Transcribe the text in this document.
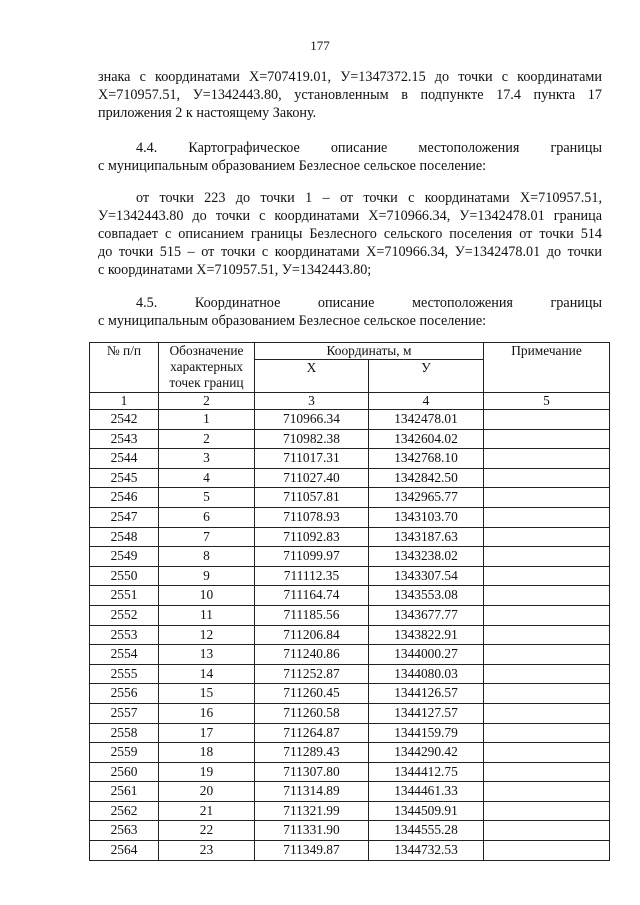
177
знака с координатами Х=707419.01, У=1347372.15 до точки с координатами
Х=710957.51, У=1342443.80, установленным в подпункте 17.4 пункта 17
приложения 2 к настоящему Закону.
4.4. Картографическое описание местоположения границы
с муниципальным образованием Безлесное сельское поселение:
от точки 223 до точки 1 – от точки с координатами Х=710957.51,
У=1342443.80 до точки с координатами Х=710966.34, У=1342478.01 граница
совпадает с описанием границы Безлесного сельского поселения от точки 514
до точки 515 – от точки с координатами Х=710966.34, У=1342478.01 до точки
с координатами Х=710957.51, У=1342443.80;
4.5. Координатное описание местоположения границы
с муниципальным образованием Безлесное сельское поселение:
№ п/п	Обозначение характерных точек границ	Координаты, м		Примечание
		Х	У	
1	2	3	4	5
2542	1	710966.34	1342478.01	
2543	2	710982.38	1342604.02	
2544	3	711017.31	1342768.10	
2545	4	711027.40	1342842.50	
2546	5	711057.81	1342965.77	
2547	6	711078.93	1343103.70	
2548	7	711092.83	1343187.63	
2549	8	711099.97	1343238.02	
2550	9	711112.35	1343307.54	
2551	10	711164.74	1343553.08	
2552	11	711185.56	1343677.77	
2553	12	711206.84	1343822.91	
2554	13	711240.86	1344000.27	
2555	14	711252.87	1344080.03	
2556	15	711260.45	1344126.57	
2557	16	711260.58	1344127.57	
2558	17	711264.87	1344159.79	
2559	18	711289.43	1344290.42	
2560	19	711307.80	1344412.75	
2561	20	711314.89	1344461.33	
2562	21	711321.99	1344509.91	
2563	22	711331.90	1344555.28	
2564	23	711349.87	1344732.53	
